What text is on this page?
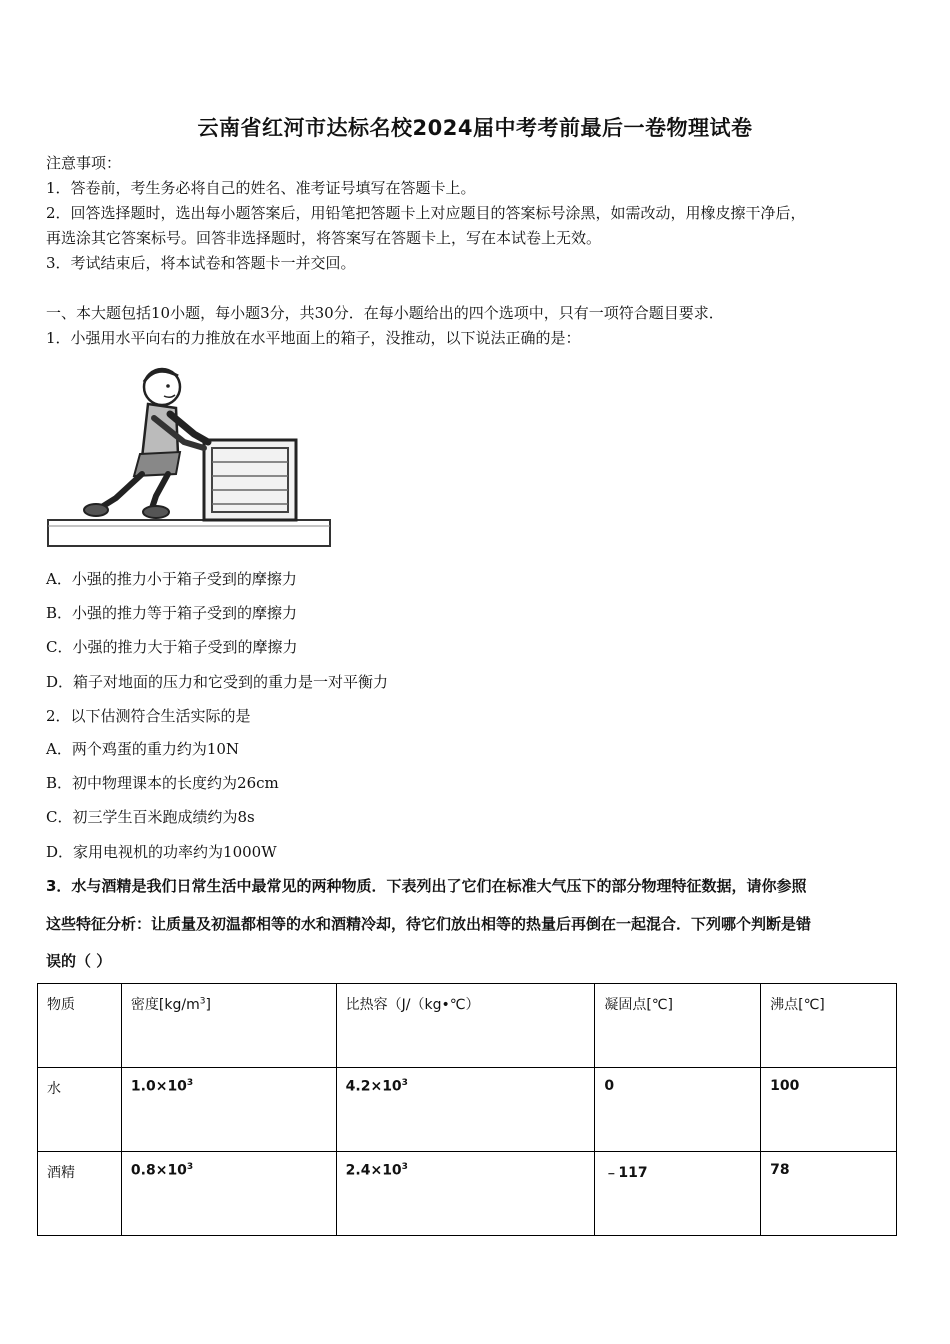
云南省红河市达标名校2024届中考考前最后一卷物理试卷
注意事项：
1．答卷前，考生务必将自己的姓名、准考证号填写在答题卡上。
2．回答选择题时，选出每小题答案后，用铅笔把答题卡上对应题目的答案标号涂黑，如需改动，用橡皮擦干净后，
再选涂其它答案标号。回答非选择题时，将答案写在答题卡上，写在本试卷上无效。
3．考试结束后，将本试卷和答题卡一并交回。
一、本大题包括10小题，每小题3分，共30分．在每小题给出的四个选项中，只有一项符合题目要求．
1．小强用水平向右的力推放在水平地面上的箱子，没推动，以下说法正确的是：
A．小强的推力小于箱子受到的摩擦力
B．小强的推力等于箱子受到的摩擦力
C．小强的推力大于箱子受到的摩擦力
D．箱子对地面的压力和它受到的重力是一对平衡力
2．以下估测符合生活实际的是
A．两个鸡蛋的重力约为10N
B．初中物理课本的长度约为26cm
C．初三学生百米跑成绩约为8s
D．家用电视机的功率约为1000W
3．水与酒精是我们日常生活中最常见的两种物质．下表列出了它们在标准大气压下的部分物理特征数据，请你参照
这些特征分析：让质量及初温都相等的水和酒精冷却，待它们放出相等的热量后再倒在一起混合．下列哪个判断是错
误的（ ）
物质	密度$[kg/m^3]$	比热容（J/（kg•℃）	凝固点[℃]	沸点[℃]
水	$1.0\times 10^3$	$4.2\times 10^3$	0	100
酒精	$0.8\times 10^3$	$2.4\times 10^3$	﹣117	78
